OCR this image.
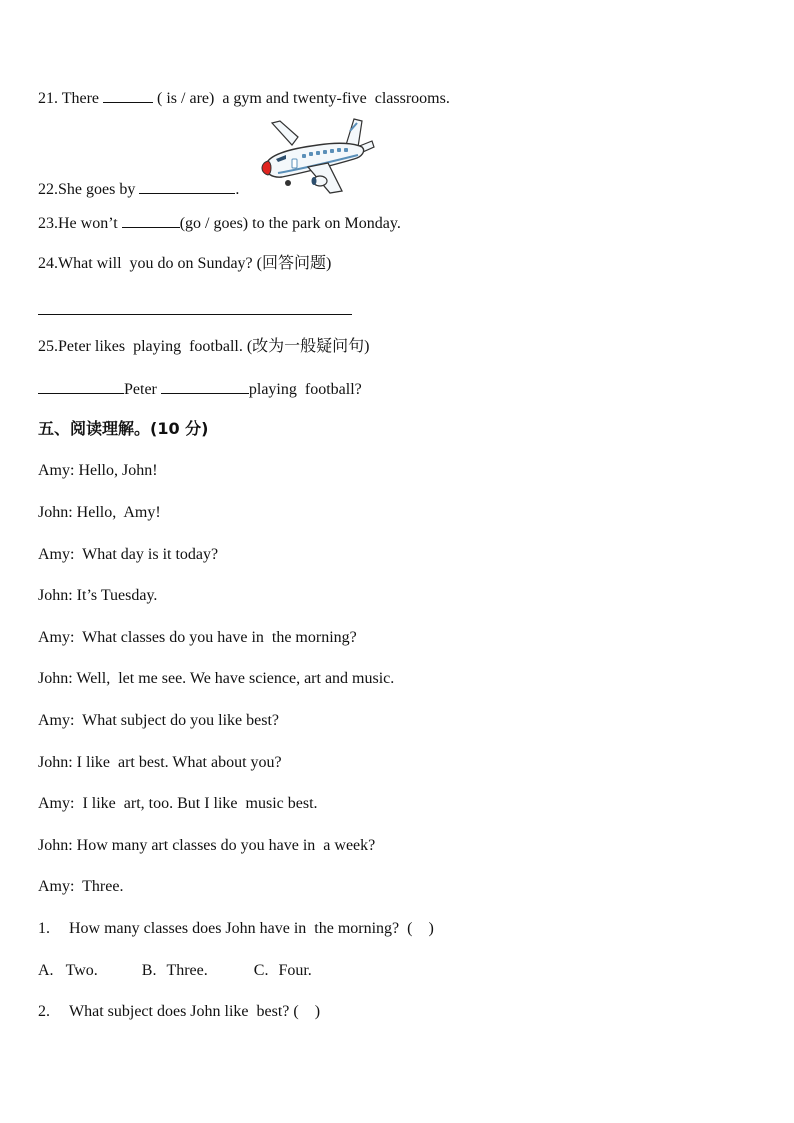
21. There	( is / are)  a gym and twenty-five  classrooms.
22.She goes by	.
23.He won’t	(go / goes) to the park on Monday.
24.What will  you do on Sunday? (回答问题)
25.Peter likes  playing  football. (改为一般疑问句)
Peter	playing  football?
五、阅读理解。(10 分)
Amy: Hello, John!
John: Hello,  Amy!
Amy:  What day is it today?
John: It’s Tuesday.
Amy:  What classes do you have in  the morning?
John: Well,  let me see. We have science, art and music.
Amy:  What subject do you like best?
John: I like  art best. What about you?
Amy:  I like  art, too. But I like  music best.
John: How many art classes do you have in  a week?
Amy:  Three.
1. How many classes does John have in  the morning?  (    )
A. Two.	B. Three.	C. Four.
2. What subject does John like  best? (    )
